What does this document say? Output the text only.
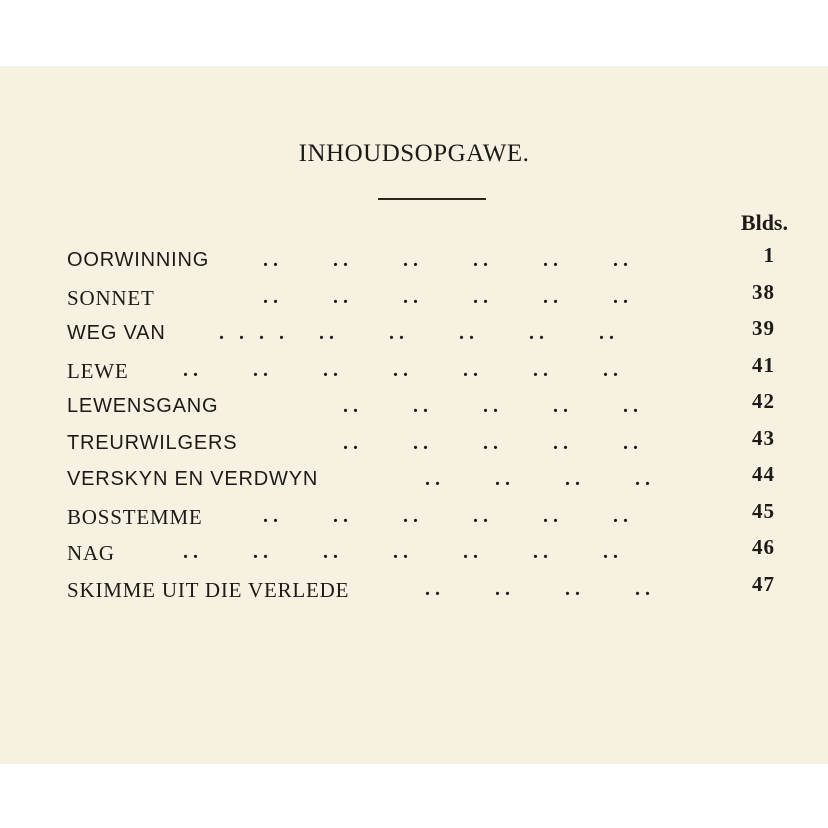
INHOUDSOPGAWE.
Blds.
OORWINNING	..     ..     ..     ..     ..     ..	1
SONNET	..     ..     ..     ..     ..     ..	38
WEG VAN	. . . .   ..     ..     ..     ..     ..	39
LEWE	..     ..     ..     ..     ..     ..     ..	41
LEWENSGANG	..     ..     ..     ..     ..	42
TREURWILGERS	..     ..     ..     ..     ..	43
VERSKYN EN VERDWYN	..     ..     ..     ..	44
BOSSTEMME	..     ..     ..     ..     ..     ..	45
NAG	..     ..     ..     ..     ..     ..     ..	46
SKIMME UIT DIE VERLEDE	..     ..     ..     ..	47
